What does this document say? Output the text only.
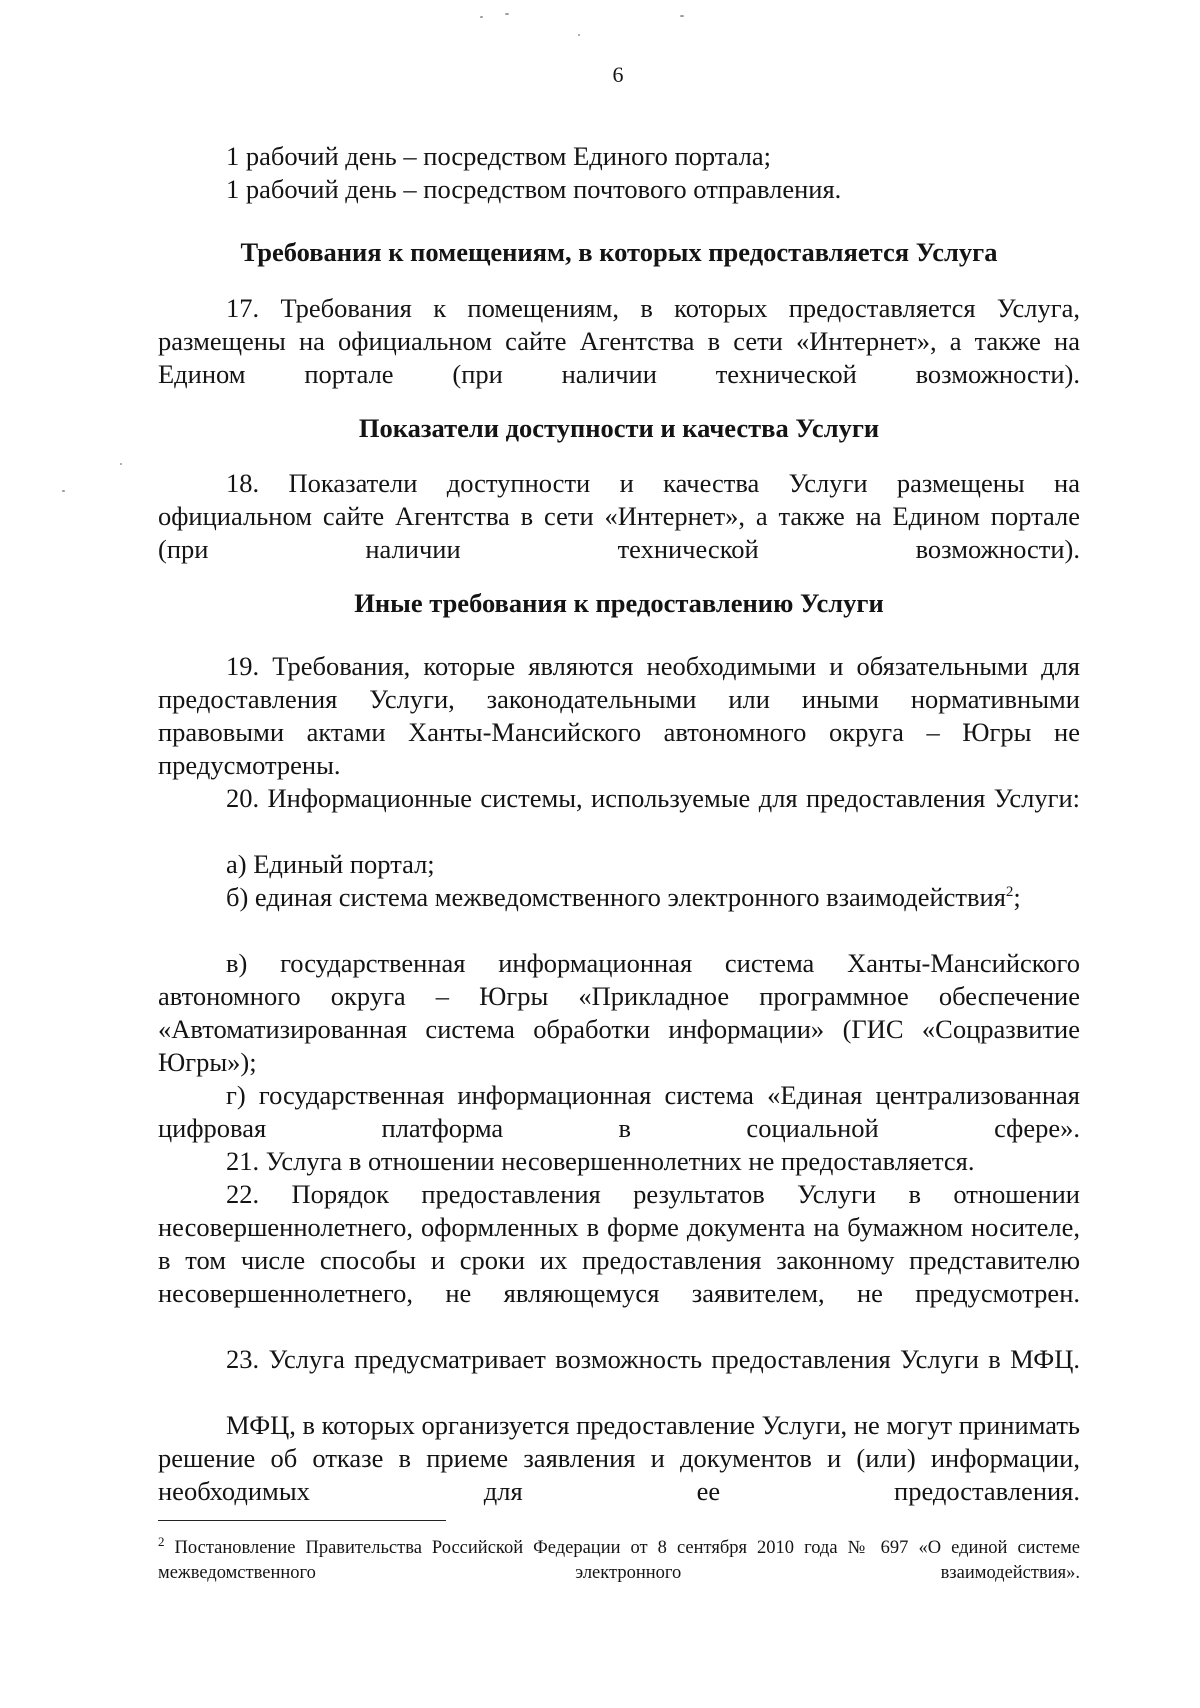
6
1 рабочий день – посредством Единого портала;
1 рабочий день – посредством почтового отправления.
Требования к помещениям, в которых предоставляется Услуга
17. Требования к помещениям, в которых предоставляется Услуга, размещены на официальном сайте Агентства в сети «Интернет», а также на Едином портале (при наличии технической возможности).
Показатели доступности и качества Услуги
18. Показатели доступности и качества Услуги размещены на официальном сайте Агентства в сети «Интернет», а также на Едином портале (при наличии технической возможности).
Иные требования к предоставлению Услуги
19. Требования, которые являются необходимыми и обязательными для предоставления Услуги, законодательными или иными нормативными правовыми актами Ханты-Мансийского автономного округа – Югры не предусмотрены.
20. Информационные системы, используемые для предоставления Услуги:
а) Единый портал;
б) единая система межведомственного электронного взаимодействия$^2$;
в) государственная информационная система Ханты-Мансийского автономного округа – Югры «Прикладное программное обеспечение «Автоматизированная система обработки информации» (ГИС «Соцразвитие Югры»);
г) государственная информационная система «Единая централизованная цифровая платформа в социальной сфере».
21. Услуга в отношении несовершеннолетних не предоставляется.
22. Порядок предоставления результатов Услуги в отношении несовершеннолетнего, оформленных в форме документа на бумажном носителе, в том числе способы и сроки их предоставления законному представителю несовершеннолетнего, не являющемуся заявителем, не предусмотрен.
23. Услуга предусматривает возможность предоставления Услуги в МФЦ.
МФЦ, в которых организуется предоставление Услуги, не могут принимать решение об отказе в приеме заявления и документов и (или) информации, необходимых для ее предоставления.
$^2$ Постановление Правительства Российской Федерации от 8 сентября 2010 года № 697 «О единой системе межведомственного электронного взаимодействия».
